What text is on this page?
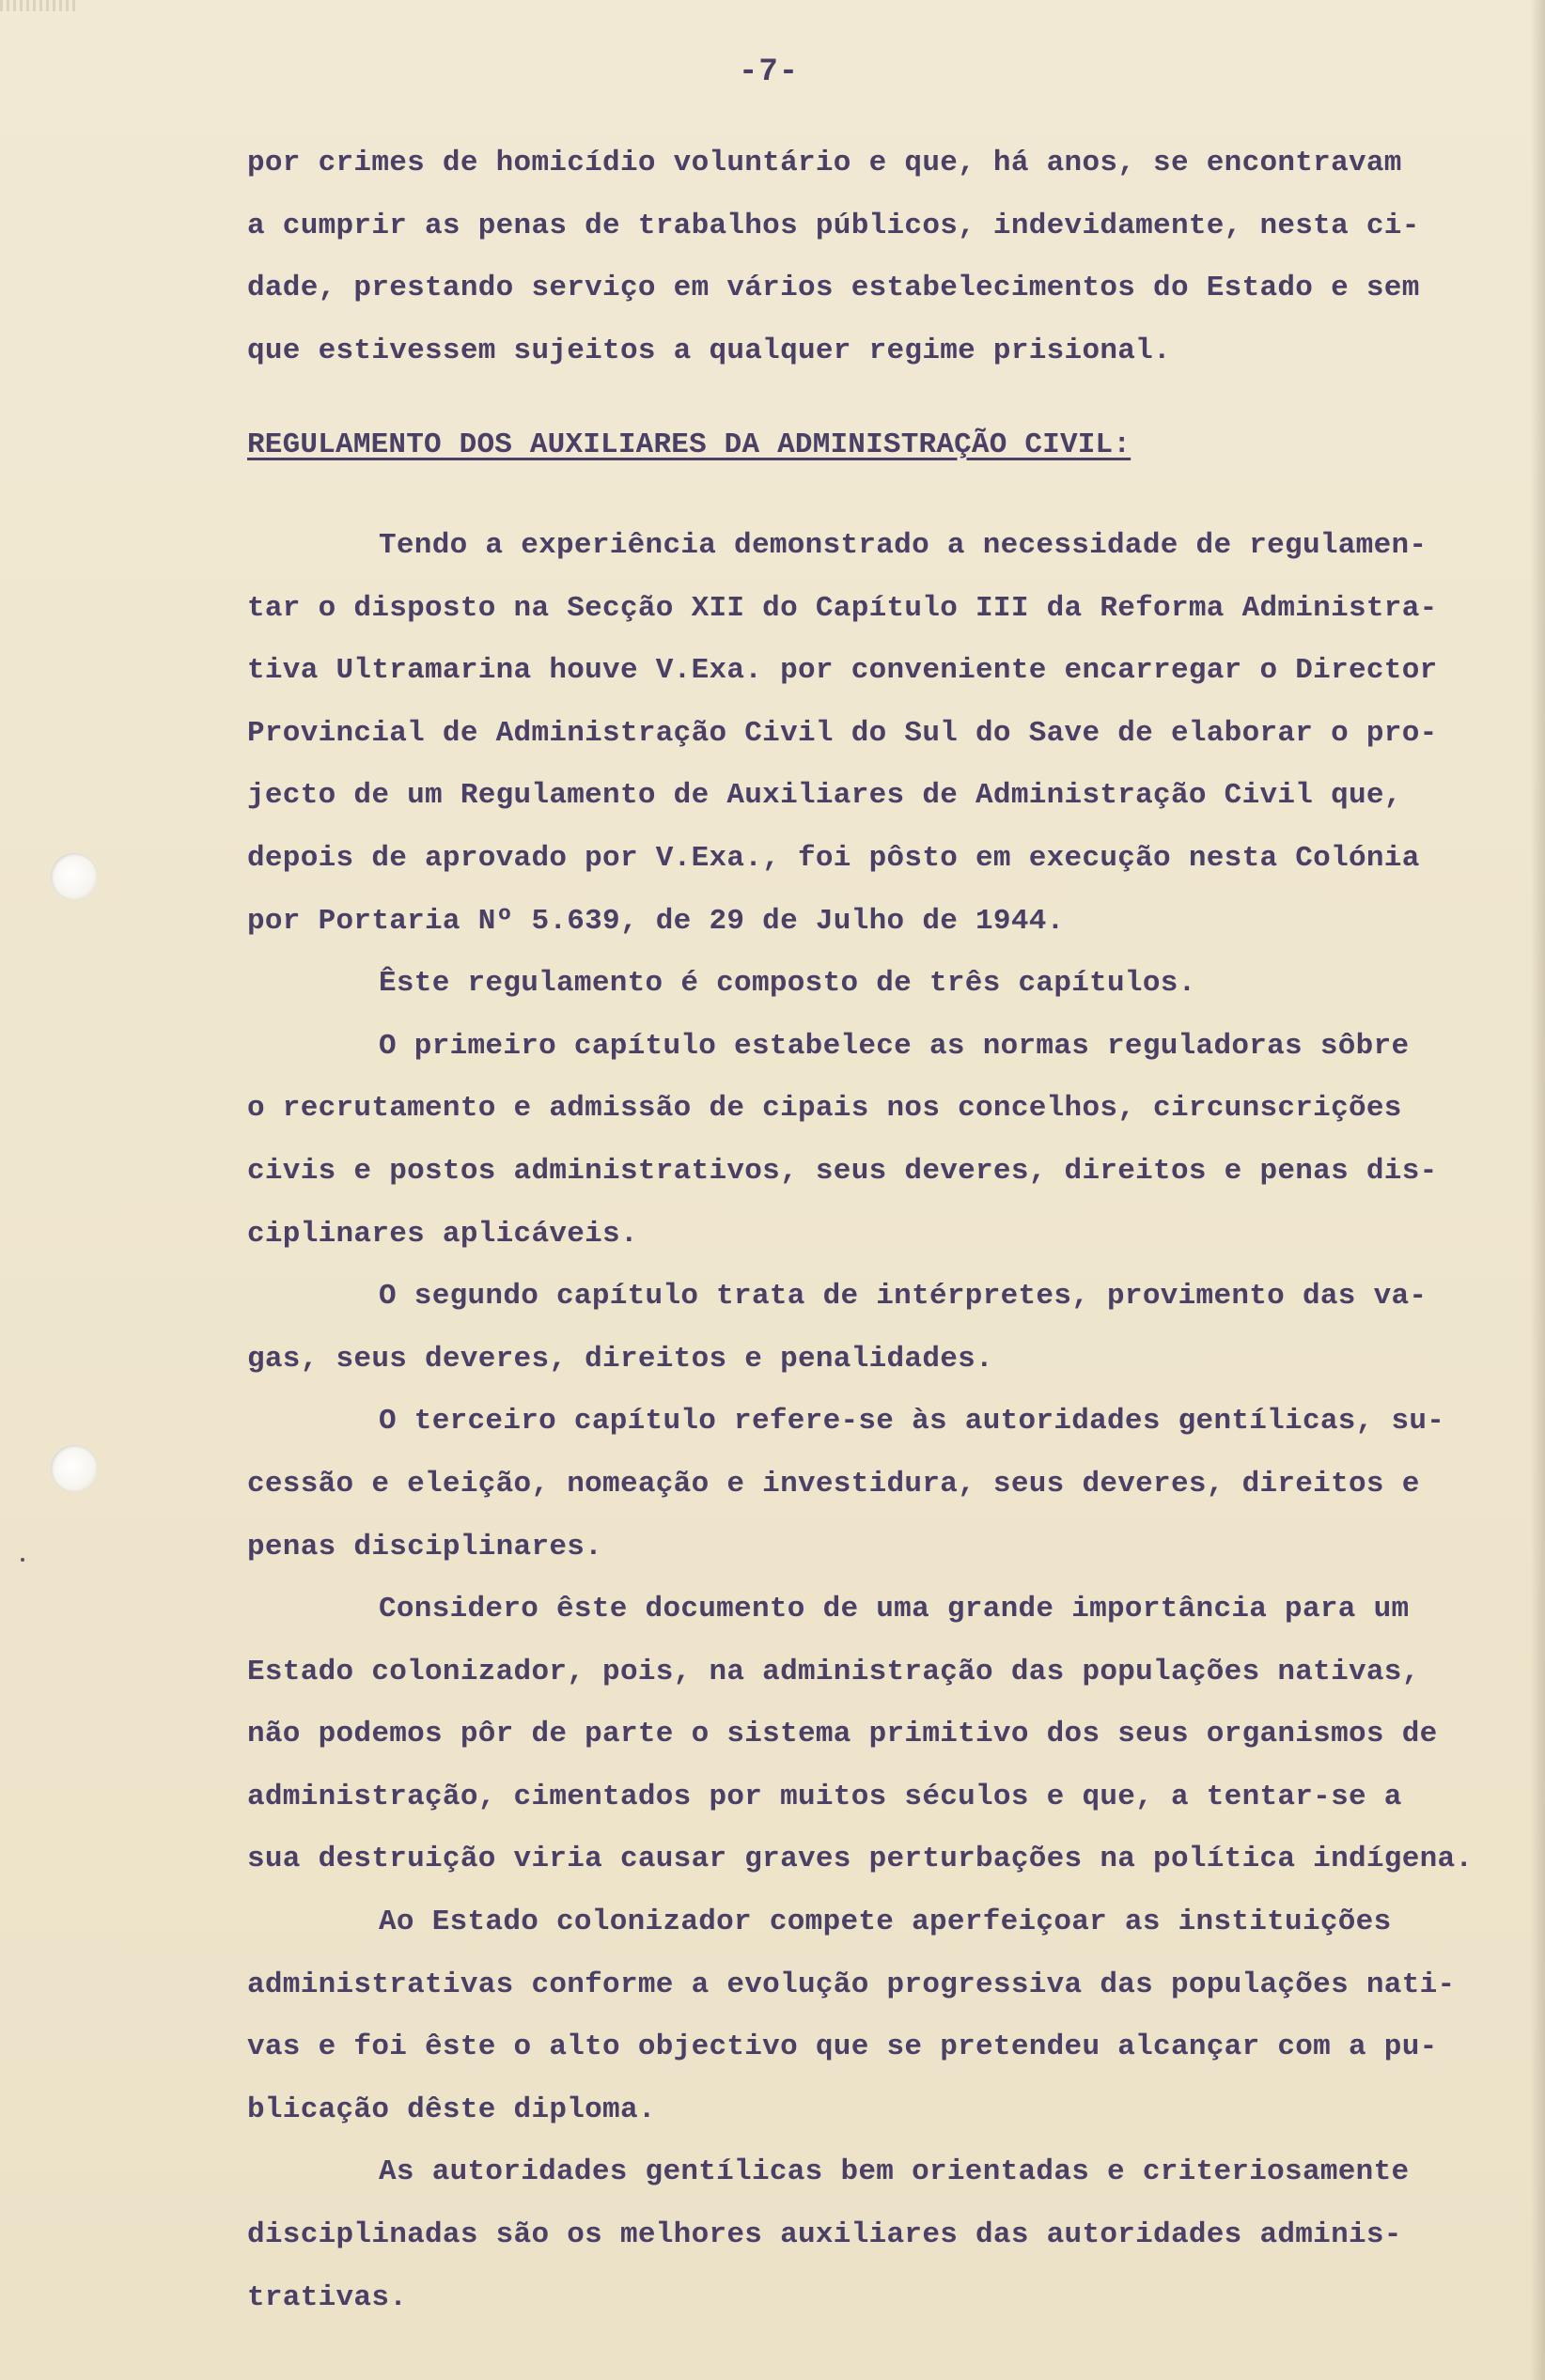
-7-
por crimes de homicídio voluntário e que, há anos, se encontravam
a cumprir as penas de trabalhos públicos, indevidamente, nesta ci-
dade, prestando serviço em vários estabelecimentos do Estado e sem
que estivessem sujeitos a qualquer regime prisional.
REGULAMENTO DOS AUXILIARES DA ADMINISTRAÇÃO CIVIL:
Tendo a experiência demonstrado a necessidade de regulamen-
tar o disposto na Secção XII do Capítulo III da Reforma Administra-
tiva Ultramarina houve V.Exa. por conveniente encarregar o Director
Provincial de Administração Civil do Sul do Save de elaborar o pro-
jecto de um Regulamento de Auxiliares de Administração Civil que,
depois de aprovado por V.Exa., foi pôsto em execução nesta Colónia
por Portaria Nº 5.639, de 29 de Julho de 1944.
Êste regulamento é composto de três capítulos.
O primeiro capítulo estabelece as normas reguladoras sôbre
o recrutamento e admissão de cipais nos concelhos, circunscrições
civis e postos administrativos, seus deveres, direitos e penas dis-
ciplinares aplicáveis.
O segundo capítulo trata de intérpretes, provimento das va-
gas, seus deveres, direitos e penalidades.
O terceiro capítulo refere-se às autoridades gentílicas, su-
cessão e eleição, nomeação e investidura, seus deveres, direitos e
penas disciplinares.
Considero êste documento de uma grande importância para um
Estado colonizador, pois, na administração das populações nativas,
não podemos pôr de parte o sistema primitivo dos seus organismos de
administração, cimentados por muitos séculos e que, a tentar-se a
sua destruição viria causar graves perturbações na política indígena.
Ao Estado colonizador compete aperfeiçoar as instituições
administrativas conforme a evolução progressiva das populações nati-
vas e foi êste o alto objectivo que se pretendeu alcançar com a pu-
blicação dêste diploma.
As autoridades gentílicas bem orientadas e criteriosamente
disciplinadas são os melhores auxiliares das autoridades adminis-
trativas.
